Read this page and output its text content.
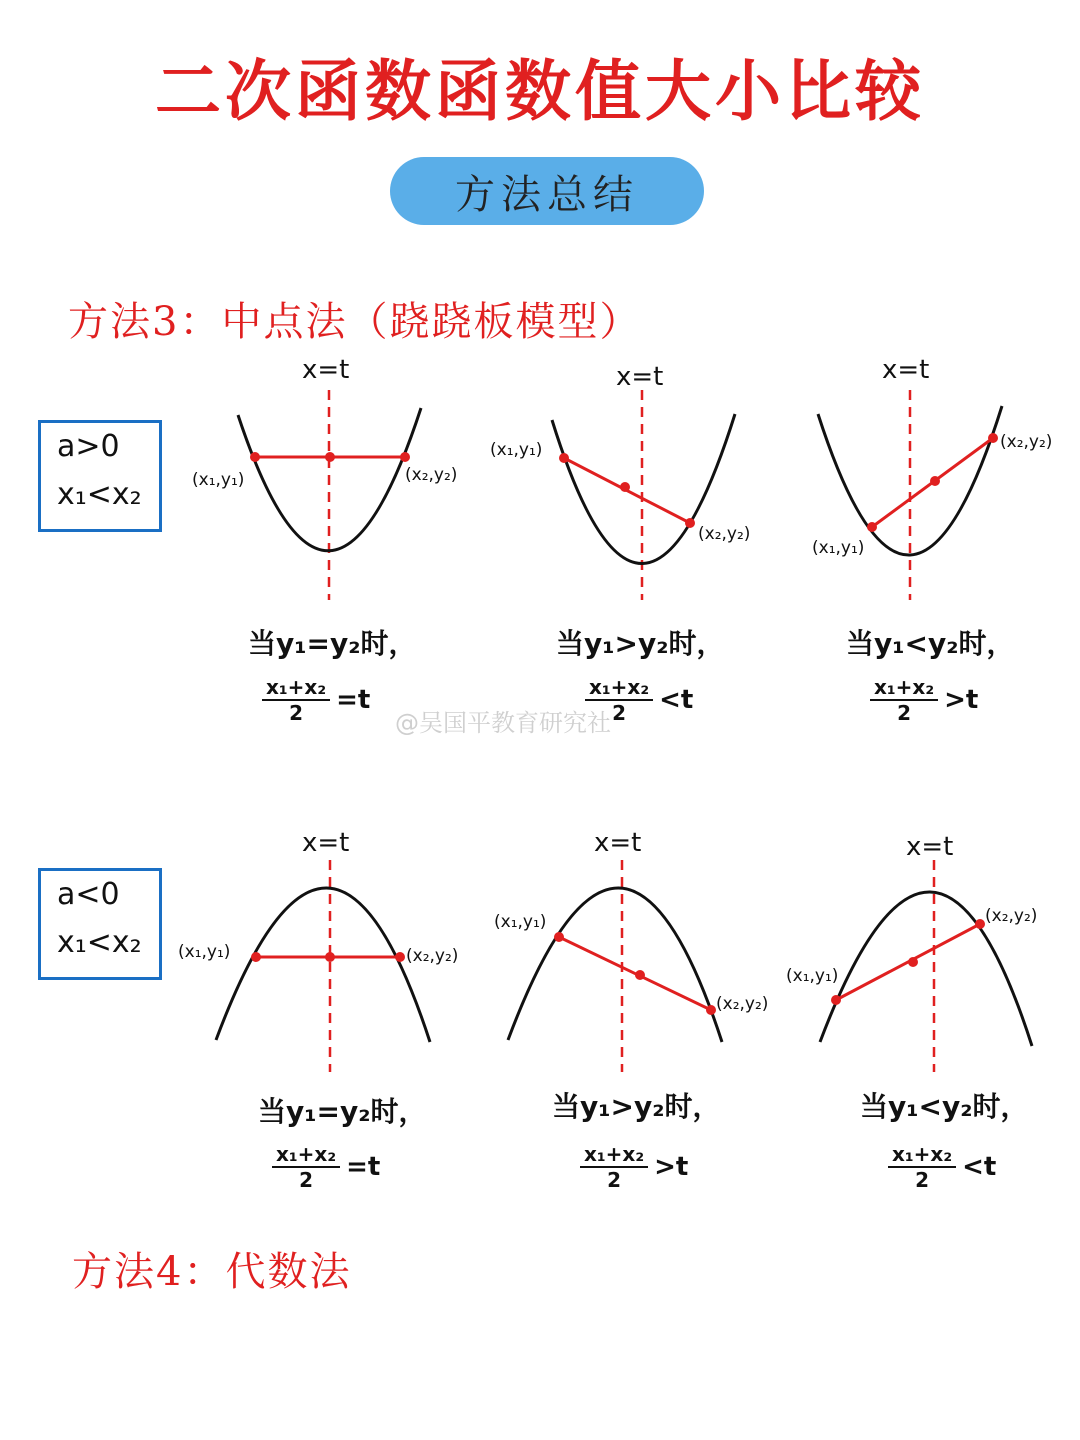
二次函数函数值大小比较
方法总结
方法3：中点法（跷跷板模型）
a>0
x₁<x₂
x=t
(x₁,y₁)	(x₂,y₂)
当y₁=y₂时，
$\frac{\text{x₁+x₂}}{2} =t$
x=t
(x₁,y₁)
(x₂,y₂)
当y₁>y₂时，
$\frac{\text{x₁+x₂}}{2} <t$
x=t
(x₁,y₁)
(x₂,y₂)
当y₁<y₂时，
$\frac{\text{x₁+x₂}}{2} >t$
@吴国平教育研究社
a<0
x₁<x₂
x=t
(x₁,y₁)	(x₂,y₂)
当y₁=y₂时，
$\frac{\text{x₁+x₂}}{2} =t$
x=t
(x₁,y₁)
(x₂,y₂)
当y₁>y₂时，
$\frac{\text{x₁+x₂}}{2} >t$
x=t
(x₁,y₁)
(x₂,y₂)
当y₁<y₂时，
$\frac{\text{x₁+x₂}}{2} <t$
方法4：代数法
